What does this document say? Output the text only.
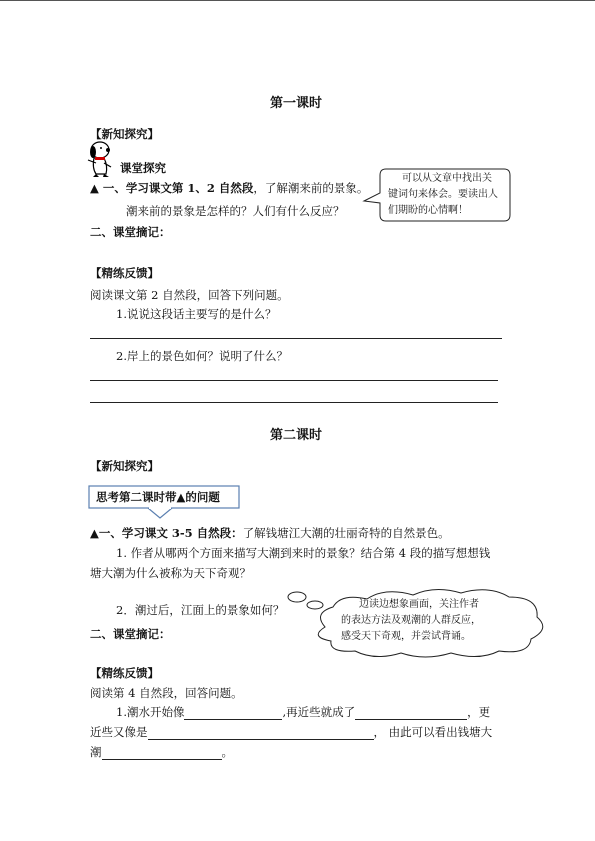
第一课时
【新知探究】
课堂探究
▲ 一、学习课文第 1、2 自然段，了解潮来前的景象。
潮来前的景象是怎样的？人们有什么反应？
可以从文章中找出关
键词句来体会。要读出人
们期盼的心情啊！
二、课堂摘记：
【精练反馈】
阅读课文第 2 自然段，回答下列问题。
1.说说这段话主要写的是什么？
2.岸上的景色如何？说明了什么？
第二课时
【新知探究】
思考第二课时带▲的问题
▲一、学习课文 3-5 自然段：了解钱塘江大潮的壮丽奇特的自然景色。
1. 作者从哪两个方面来描写大潮到来时的景象？结合第 4 段的描写想想钱
塘大潮为什么被称为天下奇观？
2．潮过后，江面上的景象如何？	边读边想象画面，关注作者
的表达方法及观潮的人群反应，
感受天下奇观，并尝试背诵。
二、课堂摘记：
【精练反馈】
阅读第 4 自然段，回答问题。
1.潮水开始像	,再近些就成了	，更
近些又像是	， 由此可以看出钱塘大
潮	。
